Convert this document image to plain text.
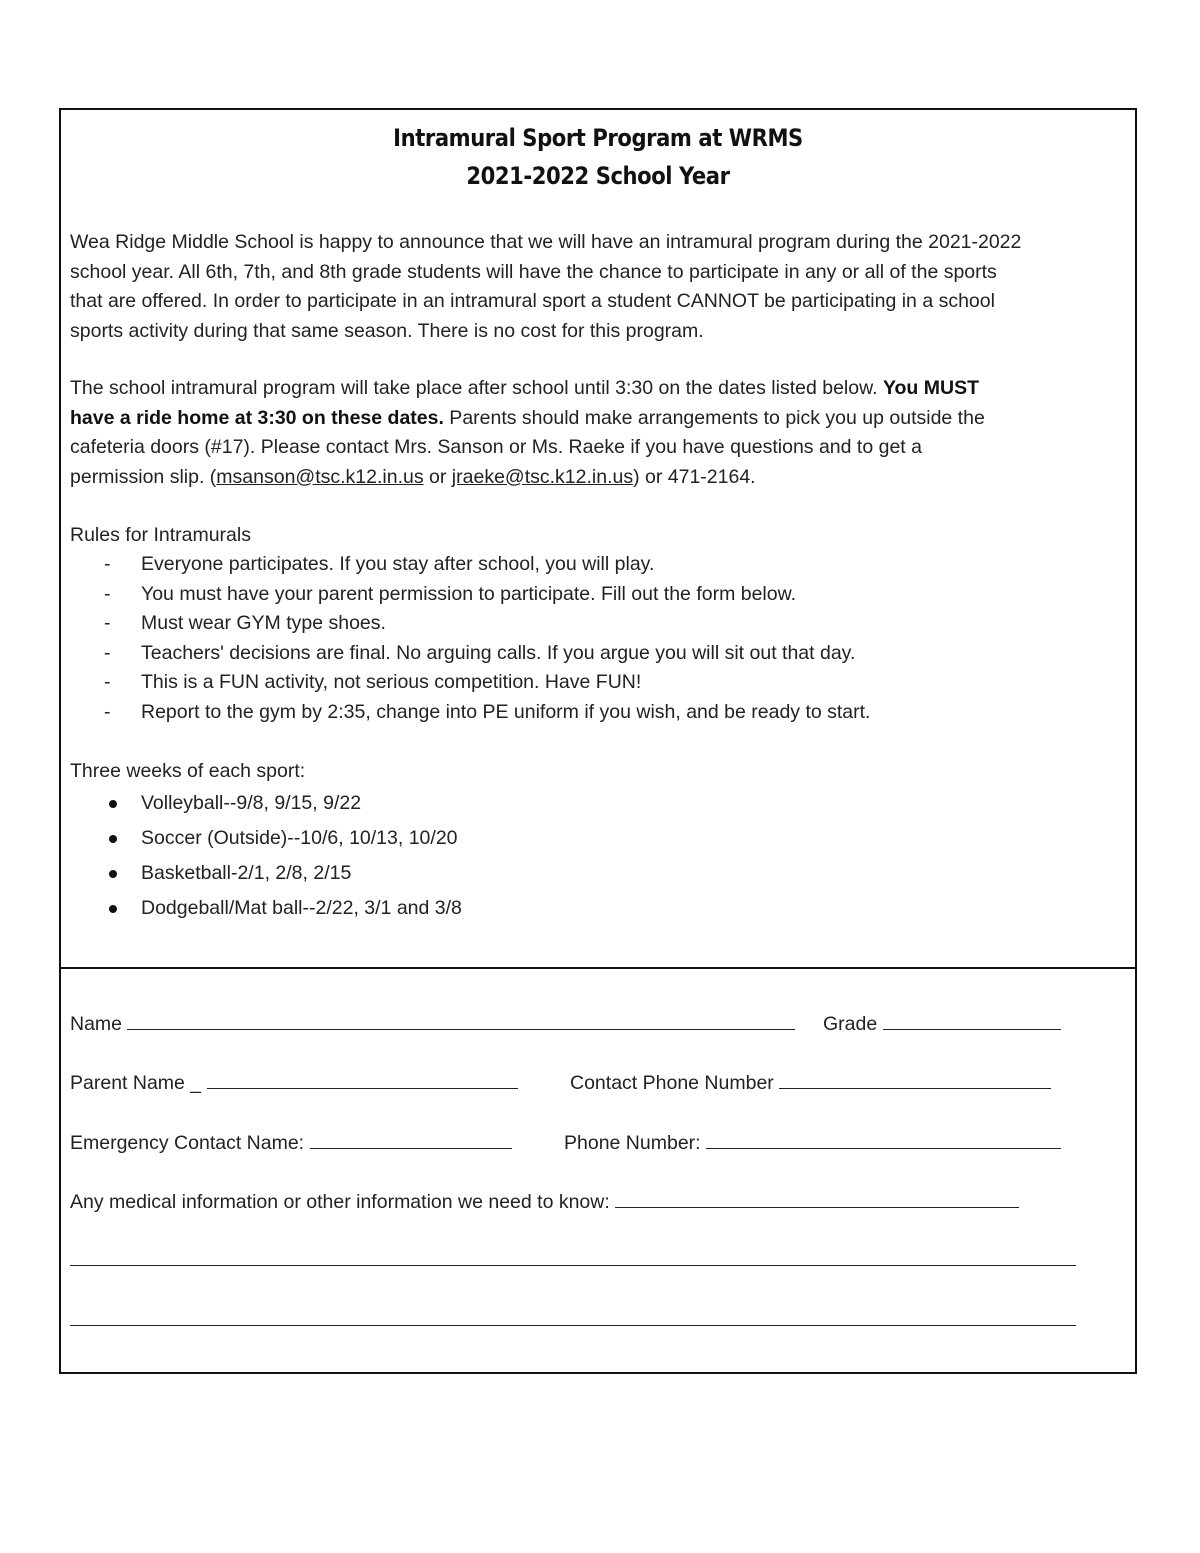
Intramural Sport Program at WRMS
2021-2022 School Year
Wea Ridge Middle School is happy to announce that we will have an intramural program during the 2021-2022
school year. All 6th, 7th, and 8th grade students will have the chance to participate in any or all of the sports
that are offered. In order to participate in an intramural sport a student CANNOT be participating in a school
sports activity during that same season. There is no cost for this program.
The school intramural program will take place after school until 3:30 on the dates listed below. You MUST
have a ride home at 3:30 on these dates. Parents should make arrangements to pick you up outside the
cafeteria doors (#17). Please contact Mrs. Sanson or Ms. Raeke if you have questions and to get a
permission slip. (msanson@tsc.k12.in.us or jraeke@tsc.k12.in.us) or 471-2164.
Rules for Intramurals
- Everyone participates. If you stay after school, you will play.
- You must have your parent permission to participate. Fill out the form below.
- Must wear GYM type shoes.
- Teachers' decisions are final. No arguing calls. If you argue you will sit out that day.
- This is a FUN activity, not serious competition. Have FUN!
- Report to the gym by 2:35, change into PE uniform if you wish, and be ready to start.
Three weeks of each sport:
Volleyball--9/8, 9/15, 9/22
Soccer (Outside)--10/6, 10/13, 10/20
Basketball-2/1, 2/8, 2/15
Dodgeball/Mat ball--2/22, 3/1 and 3/8
Name	Grade
Parent Name _	Contact Phone Number
Emergency Contact Name:	Phone Number:
Any medical information or other information we need to know:
